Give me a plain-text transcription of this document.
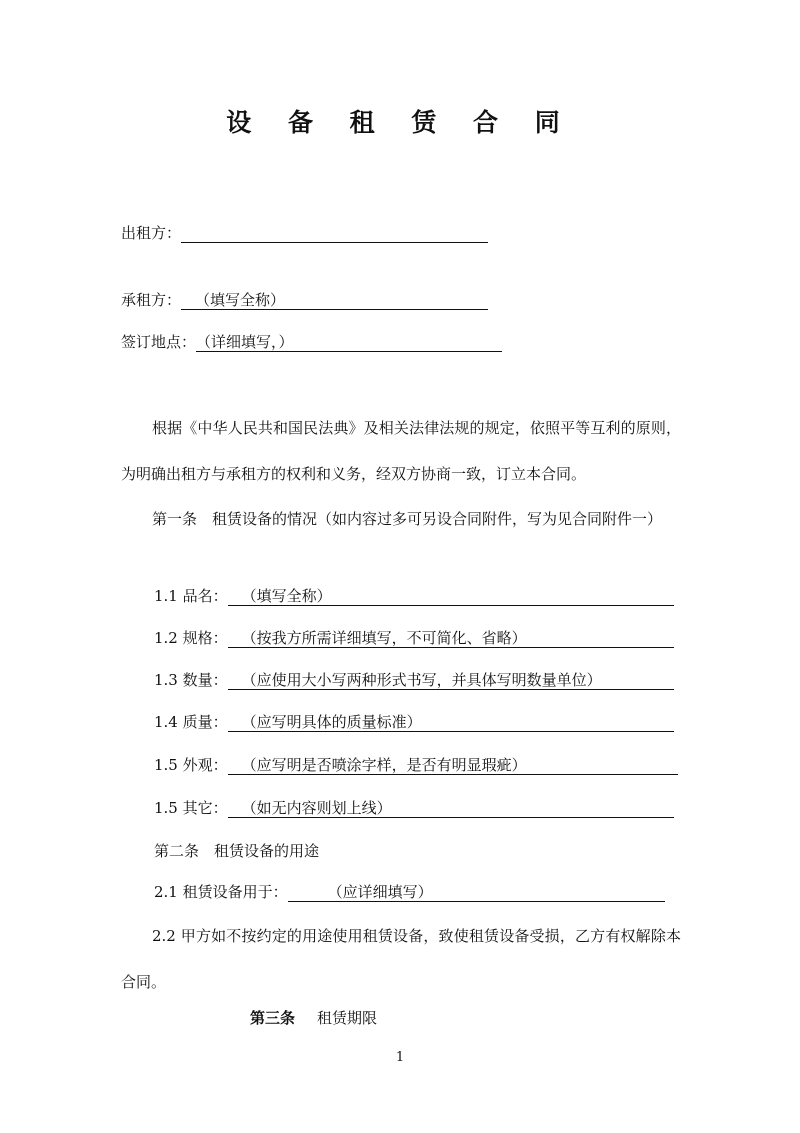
设 备 租 赁 合 同
出租方：
承租方： （填写全称）
签订地点：（详细填写，）
根据《中华人民共和国民法典》及相关法律法规的规定，依照平等互利的原则，为明确出租方与承租方的权利和义务，经双方协商一致，订立本合同。
第一条　租赁设备的情况（如内容过多可另设合同附件，写为见合同附件一）
1.1 品名： （填写全称）
1.2 规格： （按我方所需详细填写，不可简化、省略）
1.3 数量： （应使用大小写两种形式书写，并具体写明数量单位）
1.4 质量： （应写明具体的质量标准）
1.5 外观： （应写明是否喷涂字样，是否有明显瑕疵）
1.5 其它： （如无内容则划上线）
第二条　租赁设备的用途
2.1 租赁设备用于：	（应详细填写）
2.2 甲方如不按约定的用途使用租赁设备，致使租赁设备受损，乙方有权解除本合同。
第三条 租赁期限
1
